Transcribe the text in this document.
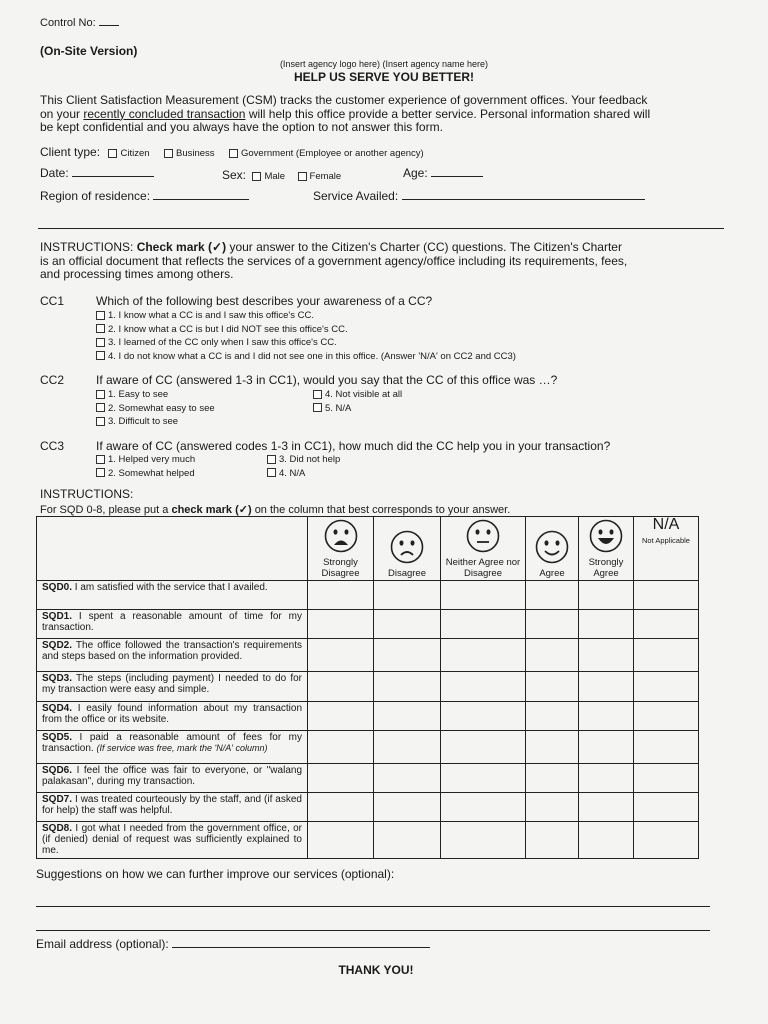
Control No:
(On-Site Version)
(Insert agency logo here) (Insert agency name here)
HELP US SERVE YOU BETTER!
This Client Satisfaction Measurement (CSM) tracks the customer experience of government offices. Your feedback
on your recently concluded transaction will help this office provide a better service. Personal information shared will
be kept confidential and you always have the option to not answer this form.
Client type: Citizen	Business	Government (Employee or another agency)
Date:	Sex: Male	Female	Age:
Region of residence:	Service Availed:
INSTRUCTIONS: Check mark (✓) your answer to the Citizen's Charter (CC) questions. The Citizen's Charter
is an official document that reflects the services of a government agency/office including its requirements, fees,
and processing times among others.
CC1	Which of the following best describes your awareness of a CC?
1. I know what a CC is and I saw this office's CC.
2. I know what a CC is but I did NOT see this office's CC.
3. I learned of the CC only when I saw this office's CC.
4. I do not know what a CC is and I did not see one in this office. (Answer 'N/A' on CC2 and CC3)
CC2	If aware of CC (answered 1-3 in CC1), would you say that the CC of this office was …?
1. Easy to see
2. Somewhat easy to see
3. Difficult to see
4. Not visible at all
5. N/A
CC3	If aware of CC (answered codes 1-3 in CC1), how much did the CC help you in your transaction?
1. Helped very much
2. Somewhat helped
3. Did not help
4. N/A
INSTRUCTIONS:
For SQD 0-8, please put a check mark (✓) on the column that best corresponds to your answer.

Strongly Disagree	Disagree	Neither Agree nor Disagree	Agree	Strongly Agree	N/A
Not Applicable

SQD0. I am satisfied with the service that I availed.						
SQD1. I spent a reasonable amount of time for my transaction.						
SQD2. The office followed the transaction's requirements and steps based on the information provided.						
SQD3. The steps (including payment) I needed to do for my transaction were easy and simple.						
SQD4. I easily found information about my transaction from the office or its website.						
SQD5. I paid a reasonable amount of fees for my transaction. (If service was free, mark the 'N/A' column)						
SQD6. I feel the office was fair to everyone, or "walang palakasan", during my transaction.						
SQD7. I was treated courteously by the staff, and (if asked for help) the staff was helpful.						
SQD8. I got what I needed from the government office, or (if denied) denial of request was sufficiently explained to me.						
Suggestions on how we can further improve our services (optional):
Email address (optional):
THANK YOU!
